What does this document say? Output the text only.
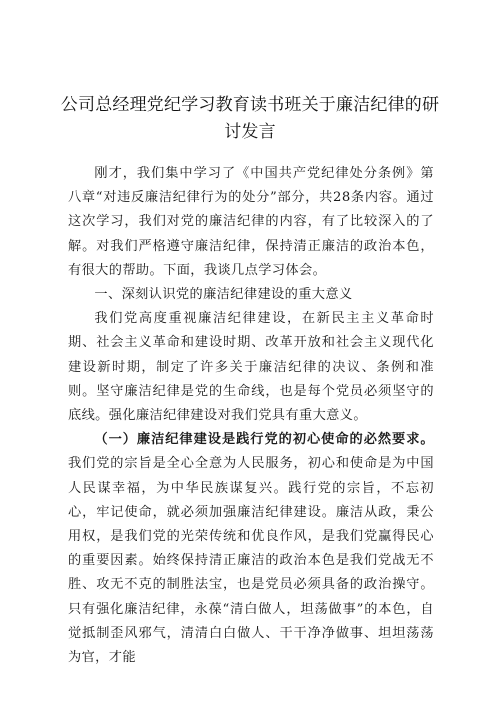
公司总经理党纪学习教育读书班关于廉洁纪律的研讨发言

刚才，我们集中学习了《中国共产党纪律处分条例》第八章“对违反廉洁纪律行为的处分”部分，共28条内容。通过这次学习，我们对党的廉洁纪律的内容，有了比较深入的了解。对我们严格遵守廉洁纪律，保持清正廉洁的政治本色，有很大的帮助。下面，我谈几点学习体会。

一、深刻认识党的廉洁纪律建设的重大意义

我们党高度重视廉洁纪律建设，在新民主主义革命时期、社会主义革命和建设时期、改革开放和社会主义现代化建设新时期，制定了许多关于廉洁纪律的决议、条例和准则。坚守廉洁纪律是党的生命线，也是每个党员必须坚守的底线。强化廉洁纪律建设对我们党具有重大意义。

（一）廉洁纪律建设是践行党的初心使命的必然要求。我们党的宗旨是全心全意为人民服务，初心和使命是为中国人民谋幸福，为中华民族谋复兴。践行党的宗旨，不忘初心，牢记使命，就必须加强廉洁纪律建设。廉洁从政，秉公用权，是我们党的光荣传统和优良作风，是我们党赢得民心的重要因素。始终保持清正廉洁的政治本色是我们党战无不胜、攻无不克的制胜法宝，也是党员必须具备的政治操守。只有强化廉洁纪律，永葆“清白做人，坦荡做事”的本色，自觉抵制歪风邪气，清清白白做人、干干净净做事、坦坦荡荡为官，才能
